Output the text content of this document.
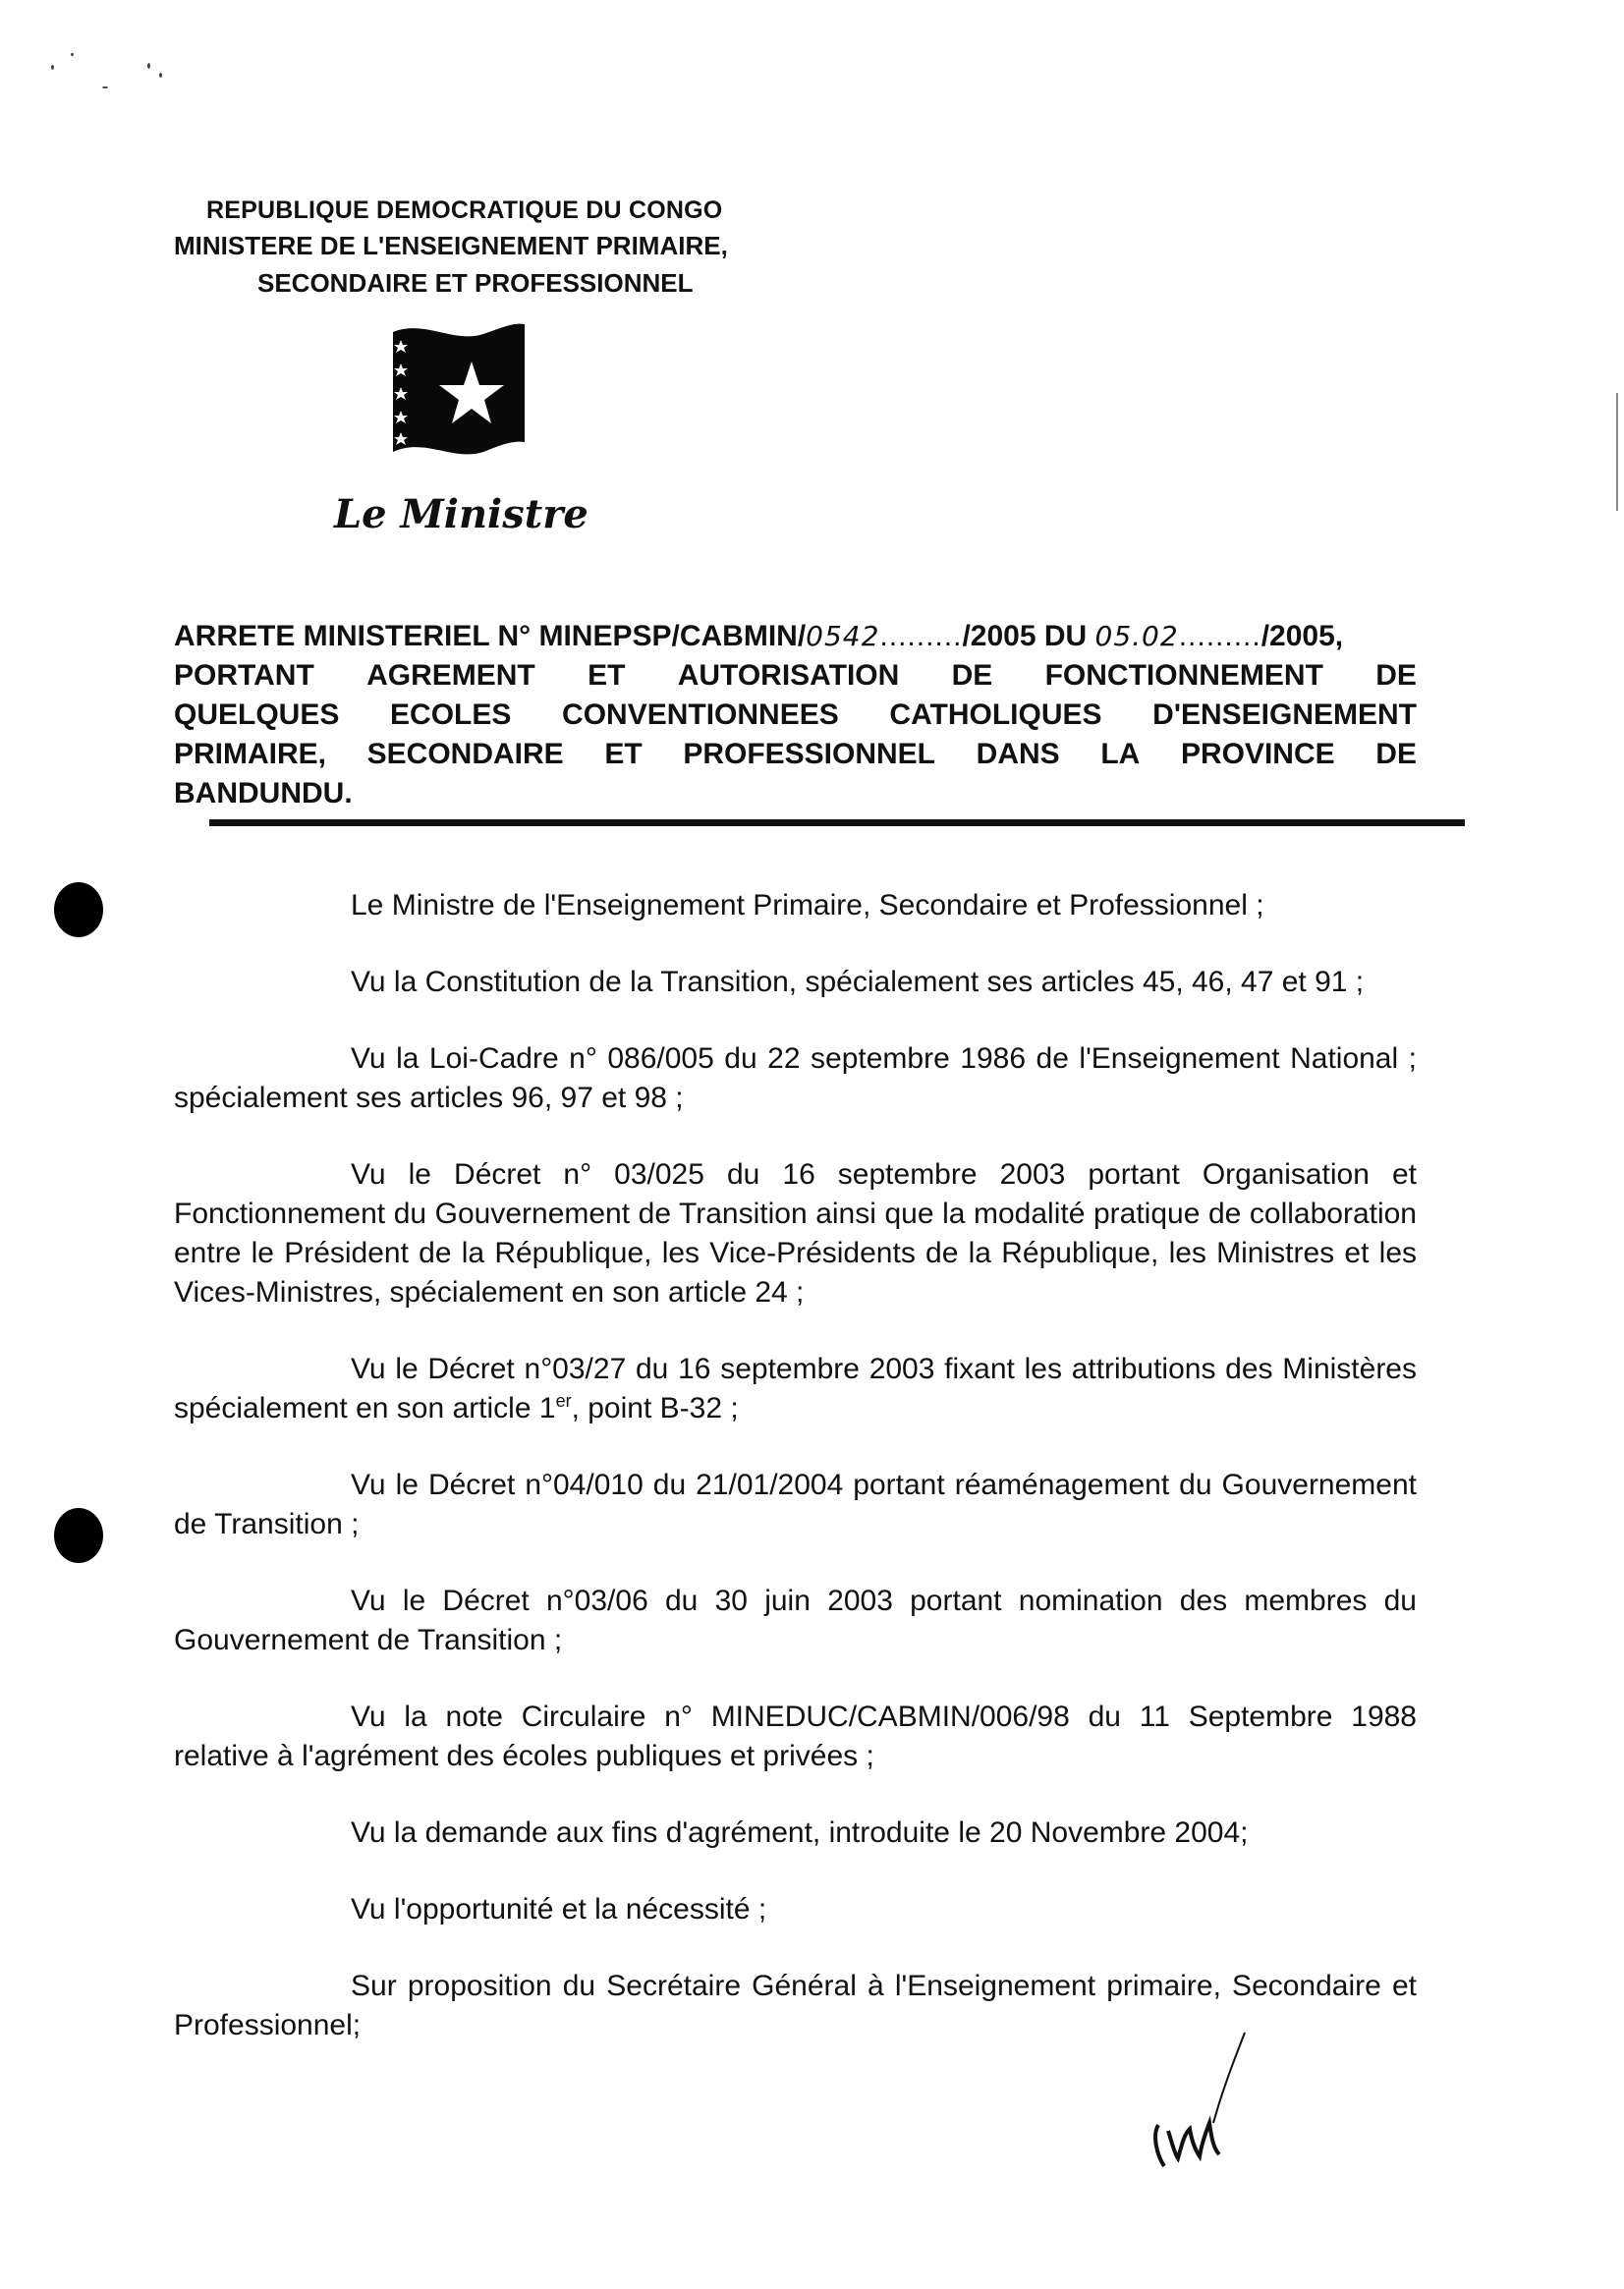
REPUBLIQUE DEMOCRATIQUE DU CONGO
MINISTERE DE L'ENSEIGNEMENT PRIMAIRE,
SECONDAIRE ET PROFESSIONNEL
Le Ministre
ARRETE MINISTERIEL N° MINEPSP/CABMIN/0542........./2005 DU 05.02........./2005,
PORTANT AGREMENT ET AUTORISATION DE FONCTIONNEMENT DE
QUELQUES ECOLES CONVENTIONNEES CATHOLIQUES D'ENSEIGNEMENT
PRIMAIRE, SECONDAIRE ET PROFESSIONNEL DANS LA PROVINCE DE
BANDUNDU.

Le Ministre de l'Enseignement Primaire, Secondaire et Professionnel ;

Vu la Constitution de la Transition, spécialement ses articles 45, 46, 47 et 91 ;

Vu la Loi-Cadre n° 086/005 du 22 septembre 1986 de l'Enseignement National ; spécialement ses articles 96, 97 et 98 ;

Vu le Décret n° 03/025 du 16 septembre 2003 portant Organisation et Fonctionnement du Gouvernement de Transition ainsi que la modalité pratique de collaboration entre le Président de la République, les Vice-Présidents de la République, les Ministres et les Vices-Ministres, spécialement en son article 24 ;

Vu le Décret n°03/27 du 16 septembre 2003 fixant les attributions des Ministères spécialement en son article 1er, point B-32 ;

Vu le Décret n°04/010 du 21/01/2004 portant réaménagement du Gouvernement de Transition ;

Vu le Décret n°03/06 du 30 juin 2003 portant nomination des membres du Gouvernement de Transition ;

Vu la note Circulaire n° MINEDUC/CABMIN/006/98 du 11 Septembre 1988 relative à l'agrément des écoles publiques et privées ;

Vu la demande aux fins d'agrément, introduite le 20 Novembre 2004;

Vu l'opportunité et la nécessité ;

Sur proposition du Secrétaire Général à l'Enseignement primaire, Secondaire et Professionnel;
